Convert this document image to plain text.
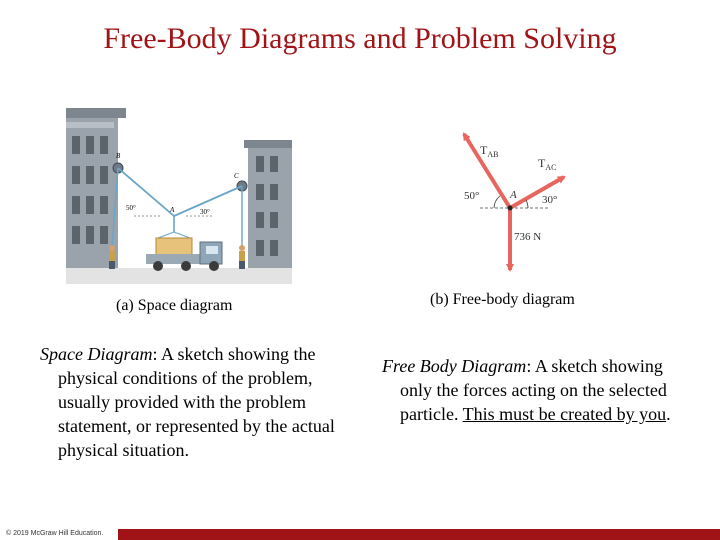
Free-Body Diagrams and Problem Solving
B
C
A
50°	30°
$T_{AB}$
$T_{AC}$
A
50°	30°
736 N
(a) Space diagram	(b) Free-body diagram
Space Diagram: A sketch showing the physical conditions of the problem, usually provided with the problem statement, or represented by the actual physical situation.
Free Body Diagram: A sketch showing only the forces acting on the selected particle. This must be created by you.
© 2019 McGraw Hill Education.
